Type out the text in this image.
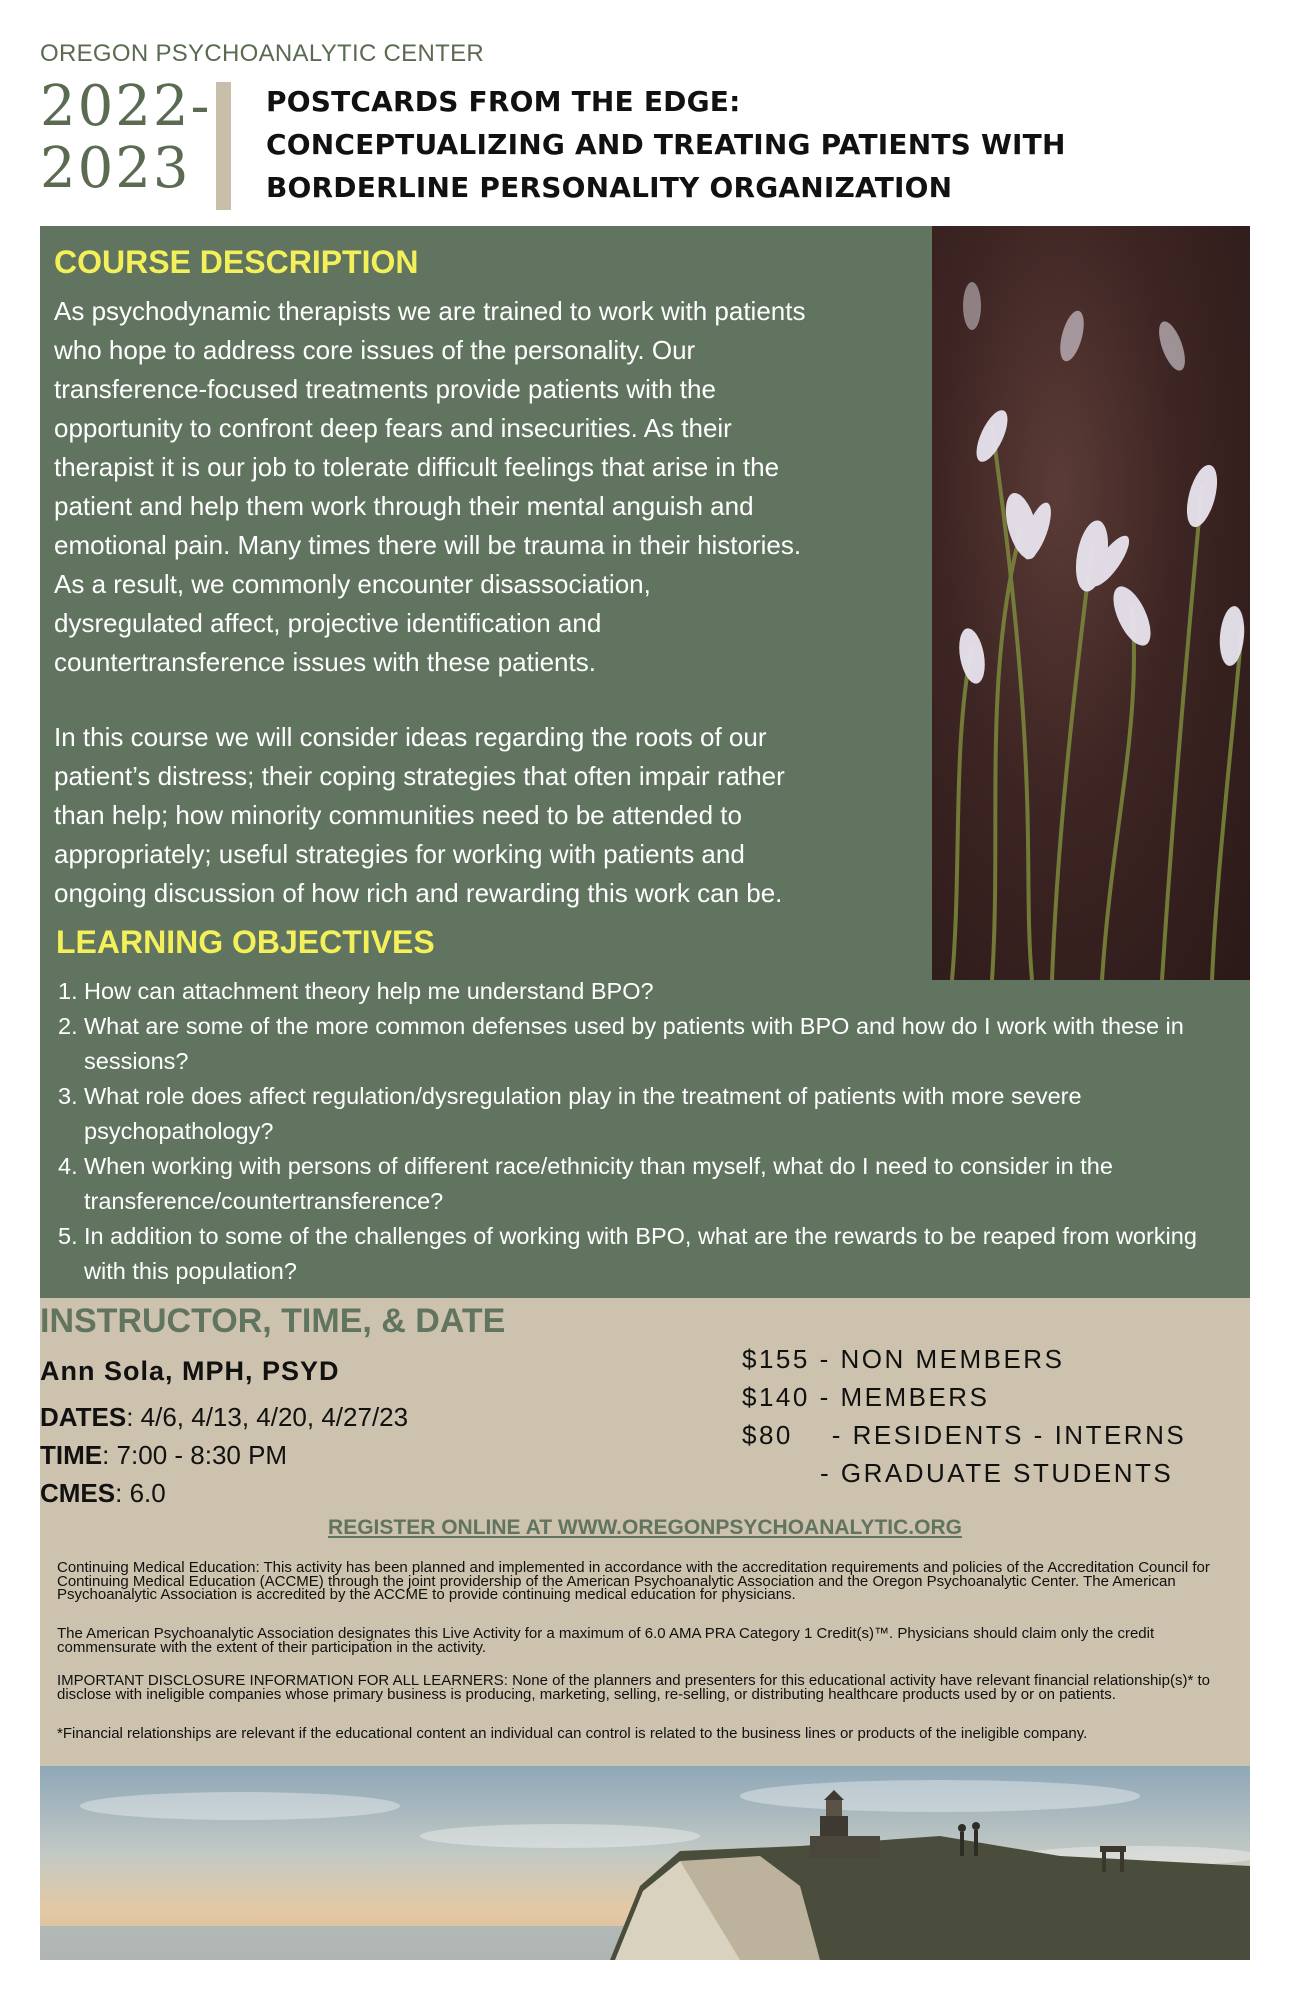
OREGON PSYCHOANALYTIC CENTER
2022-
2023
POSTCARDS FROM THE EDGE:
CONCEPTUALIZING AND TREATING PATIENTS WITH
BORDERLINE PERSONALITY ORGANIZATION
COURSE DESCRIPTION
As psychodynamic therapists we are trained to work with patients
who hope to address core issues of the personality. Our
transference-focused treatments provide patients with the
opportunity to confront deep fears and insecurities. As their
therapist it is our job to tolerate difficult feelings that arise in the
patient and help them work through their mental anguish and
emotional pain. Many times there will be trauma in their histories.
As a result, we commonly encounter disassociation,
dysregulated affect, projective identification and
countertransference issues with these patients.
In this course we will consider ideas regarding the roots of our
patient’s distress; their coping strategies that often impair rather
than help; how minority communities need to be attended to
appropriately; useful strategies for working with patients and
ongoing discussion of how rich and rewarding this work can be.
LEARNING OBJECTIVES
1. How can attachment theory help me understand BPO?
2. What are some of the more common defenses used by patients with BPO and how do I work with these in sessions?
3. What role does affect regulation/dysregulation play in the treatment of patients with more severe psychopathology?
4. When working with persons of different race/ethnicity than myself, what do I need to consider in the transference/countertransference?
5. In addition to some of the challenges of working with BPO, what are the rewards to be reaped from working with this population?
INSTRUCTOR, TIME, & DATE
Ann Sola, MPH, PSYD
DATES: 4/6, 4/13, 4/20, 4/27/23
TIME: 7:00 - 8:30 PM
CMES: 6.0
$155 - NON MEMBERS
$140 - MEMBERS
$80    - RESIDENTS - INTERNS
- GRADUATE STUDENTS
REGISTER ONLINE AT WWW.OREGONPSYCHOANALYTIC.ORG
Continuing Medical Education: This activity has been planned and implemented in accordance with the accreditation requirements and policies of the Accreditation Council for Continuing Medical Education (ACCME) through the joint providership of the American Psychoanalytic Association and the Oregon Psychoanalytic Center. The American Psychoanalytic Association is accredited by the ACCME to provide continuing medical education for physicians.
The American Psychoanalytic Association designates this Live Activity for a maximum of 6.0 AMA PRA Category 1 Credit(s)™. Physicians should claim only the credit commensurate with the extent of their participation in the activity.
IMPORTANT DISCLOSURE INFORMATION FOR ALL LEARNERS: None of the planners and presenters for this educational activity have relevant financial relationship(s)* to disclose with ineligible companies whose primary business is producing, marketing, selling, re-selling, or distributing healthcare products used by or on patients.
*Financial relationships are relevant if the educational content an individual can control is related to the business lines or products of the ineligible company.
